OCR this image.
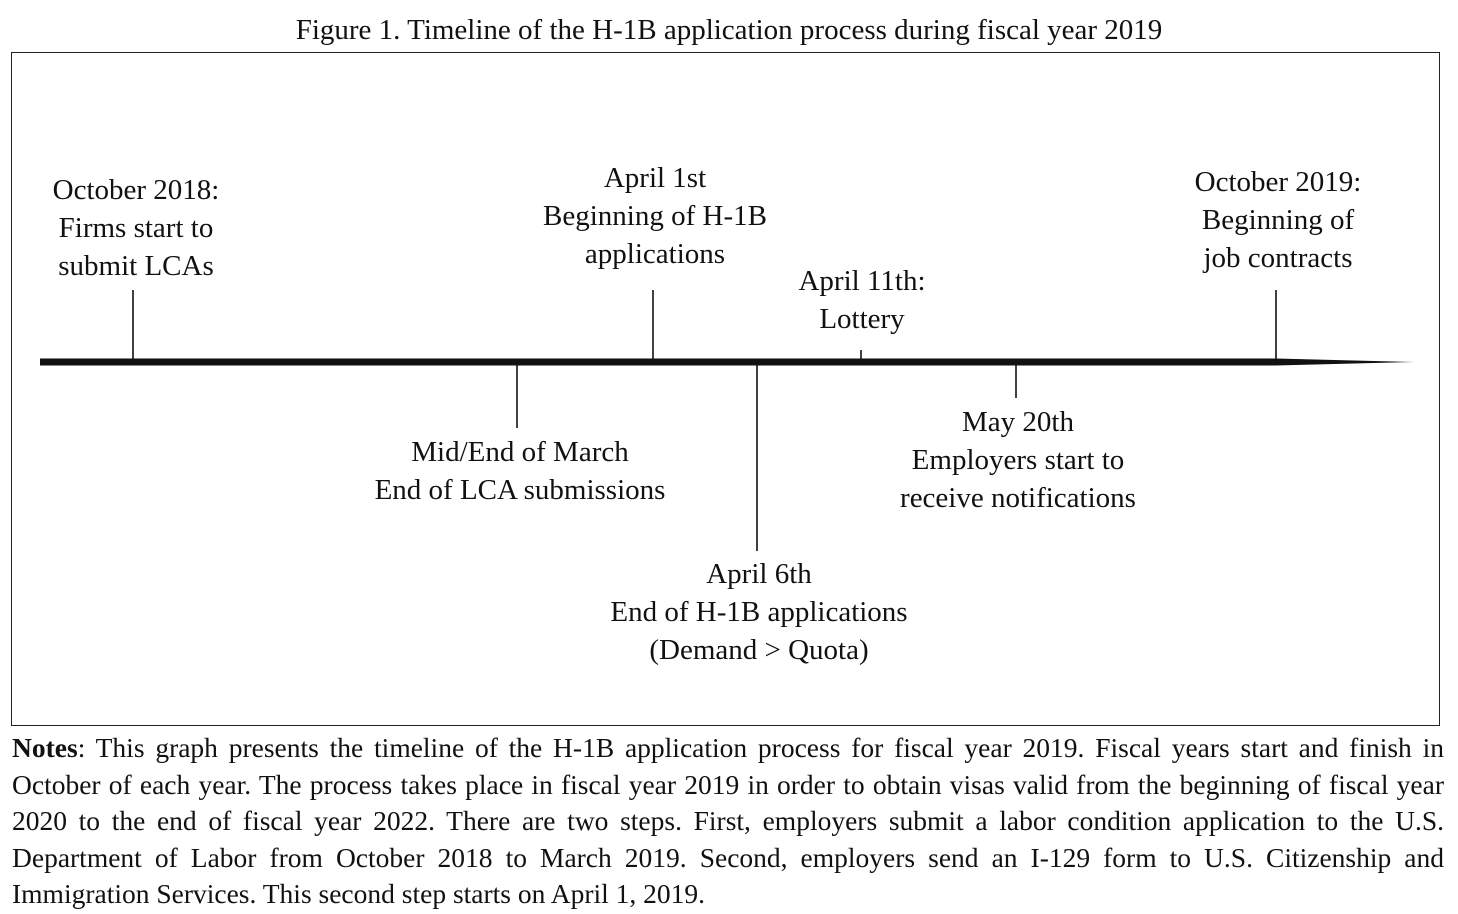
Figure 1. Timeline of the H-1B application process during fiscal year 2019
October 2018:
Firms start to
submit LCAs
Mid/End of March
End of LCA submissions
April 1st
Beginning of H-1B
applications
April 6th
End of H-1B applications
(Demand > Quota)
April 11th:
Lottery
May 20th
Employers start to
receive notifications
October 2019:
Beginning of
job contracts
Notes: This graph presents the timeline of the H-1B application process for fiscal year 2019. Fiscal years start and finish in October of each year. The process takes place in fiscal year 2019 in order to obtain visas valid from the beginning of fiscal year 2020 to the end of fiscal year 2022. There are two steps. First, employers submit a labor condition application to the U.S. Department of Labor from October 2018 to March 2019. Second, employers send an I-129 form to U.S. Citizenship and Immigration Services. This second step starts on April 1, 2019.
